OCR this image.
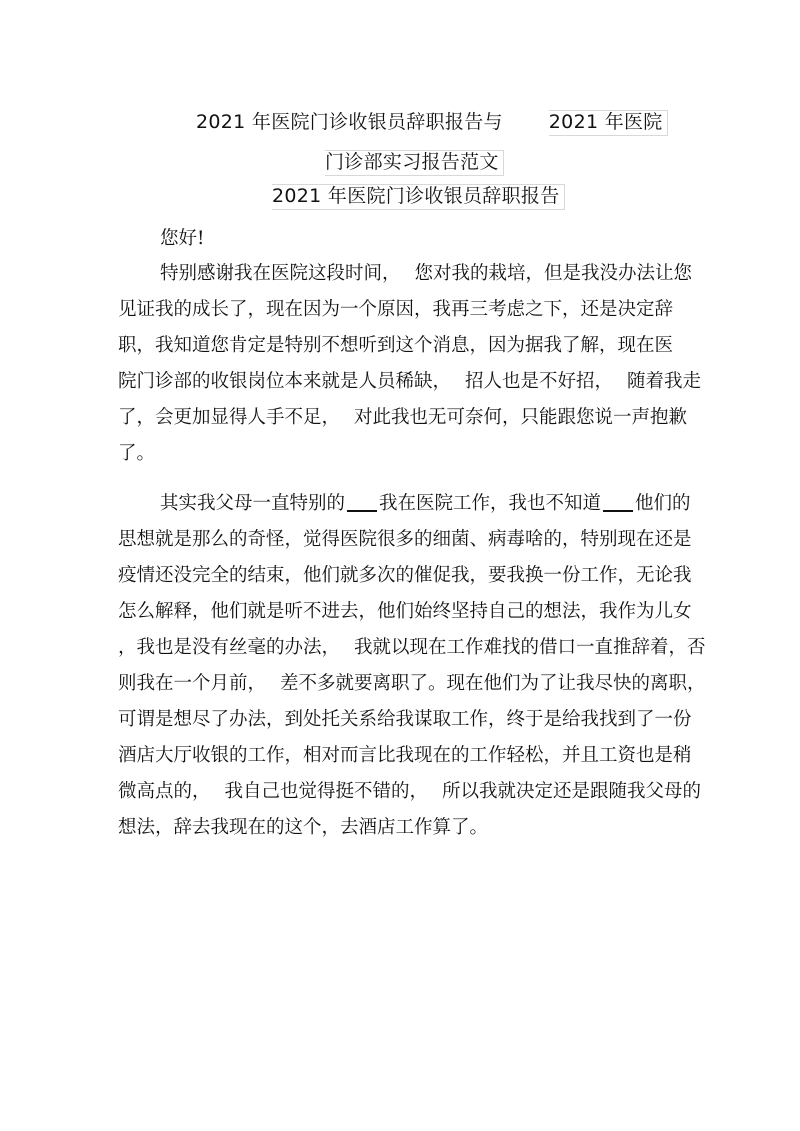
2021 年医院门诊收银员辞职报告与 2021 年医院
门诊部实习报告范文
2021 年医院门诊收银员辞职报告
您好!
特别感谢我在医院这段时间， 您对我的栽培，但是我没办法让您
见证我的成长了，现在因为一个原因，我再三考虑之下，还是决定辞
职，我知道您肯定是特别不想听到这个消息，因为据我了解，现在医
院门诊部的收银岗位本来就是人员稀缺， 招人也是不好招， 随着我走
了，会更加显得人手不足， 对此我也无可奈何，只能跟您说一声抱歉
了。
其实我父母一直特别的 我在医院工作，我也不知道 他们的
思想就是那么的奇怪，觉得医院很多的细菌、病毒啥的，特别现在还是
疫情还没完全的结束，他们就多次的催促我，要我换一份工作，无论我
怎么解释，他们就是听不进去，他们始终坚持自己的想法，我作为儿女
，我也是没有丝毫的办法， 我就以现在工作难找的借口一直推辞着，否
则我在一个月前， 差不多就要离职了。现在他们为了让我尽快的离职，
可谓是想尽了办法，到处托关系给我谋取工作，终于是给我找到了一份
酒店大厅收银的工作，相对而言比我现在的工作轻松，并且工资也是稍
微高点的， 我自己也觉得挺不错的， 所以我就决定还是跟随我父母的
想法，辞去我现在的这个，去酒店工作算了。
